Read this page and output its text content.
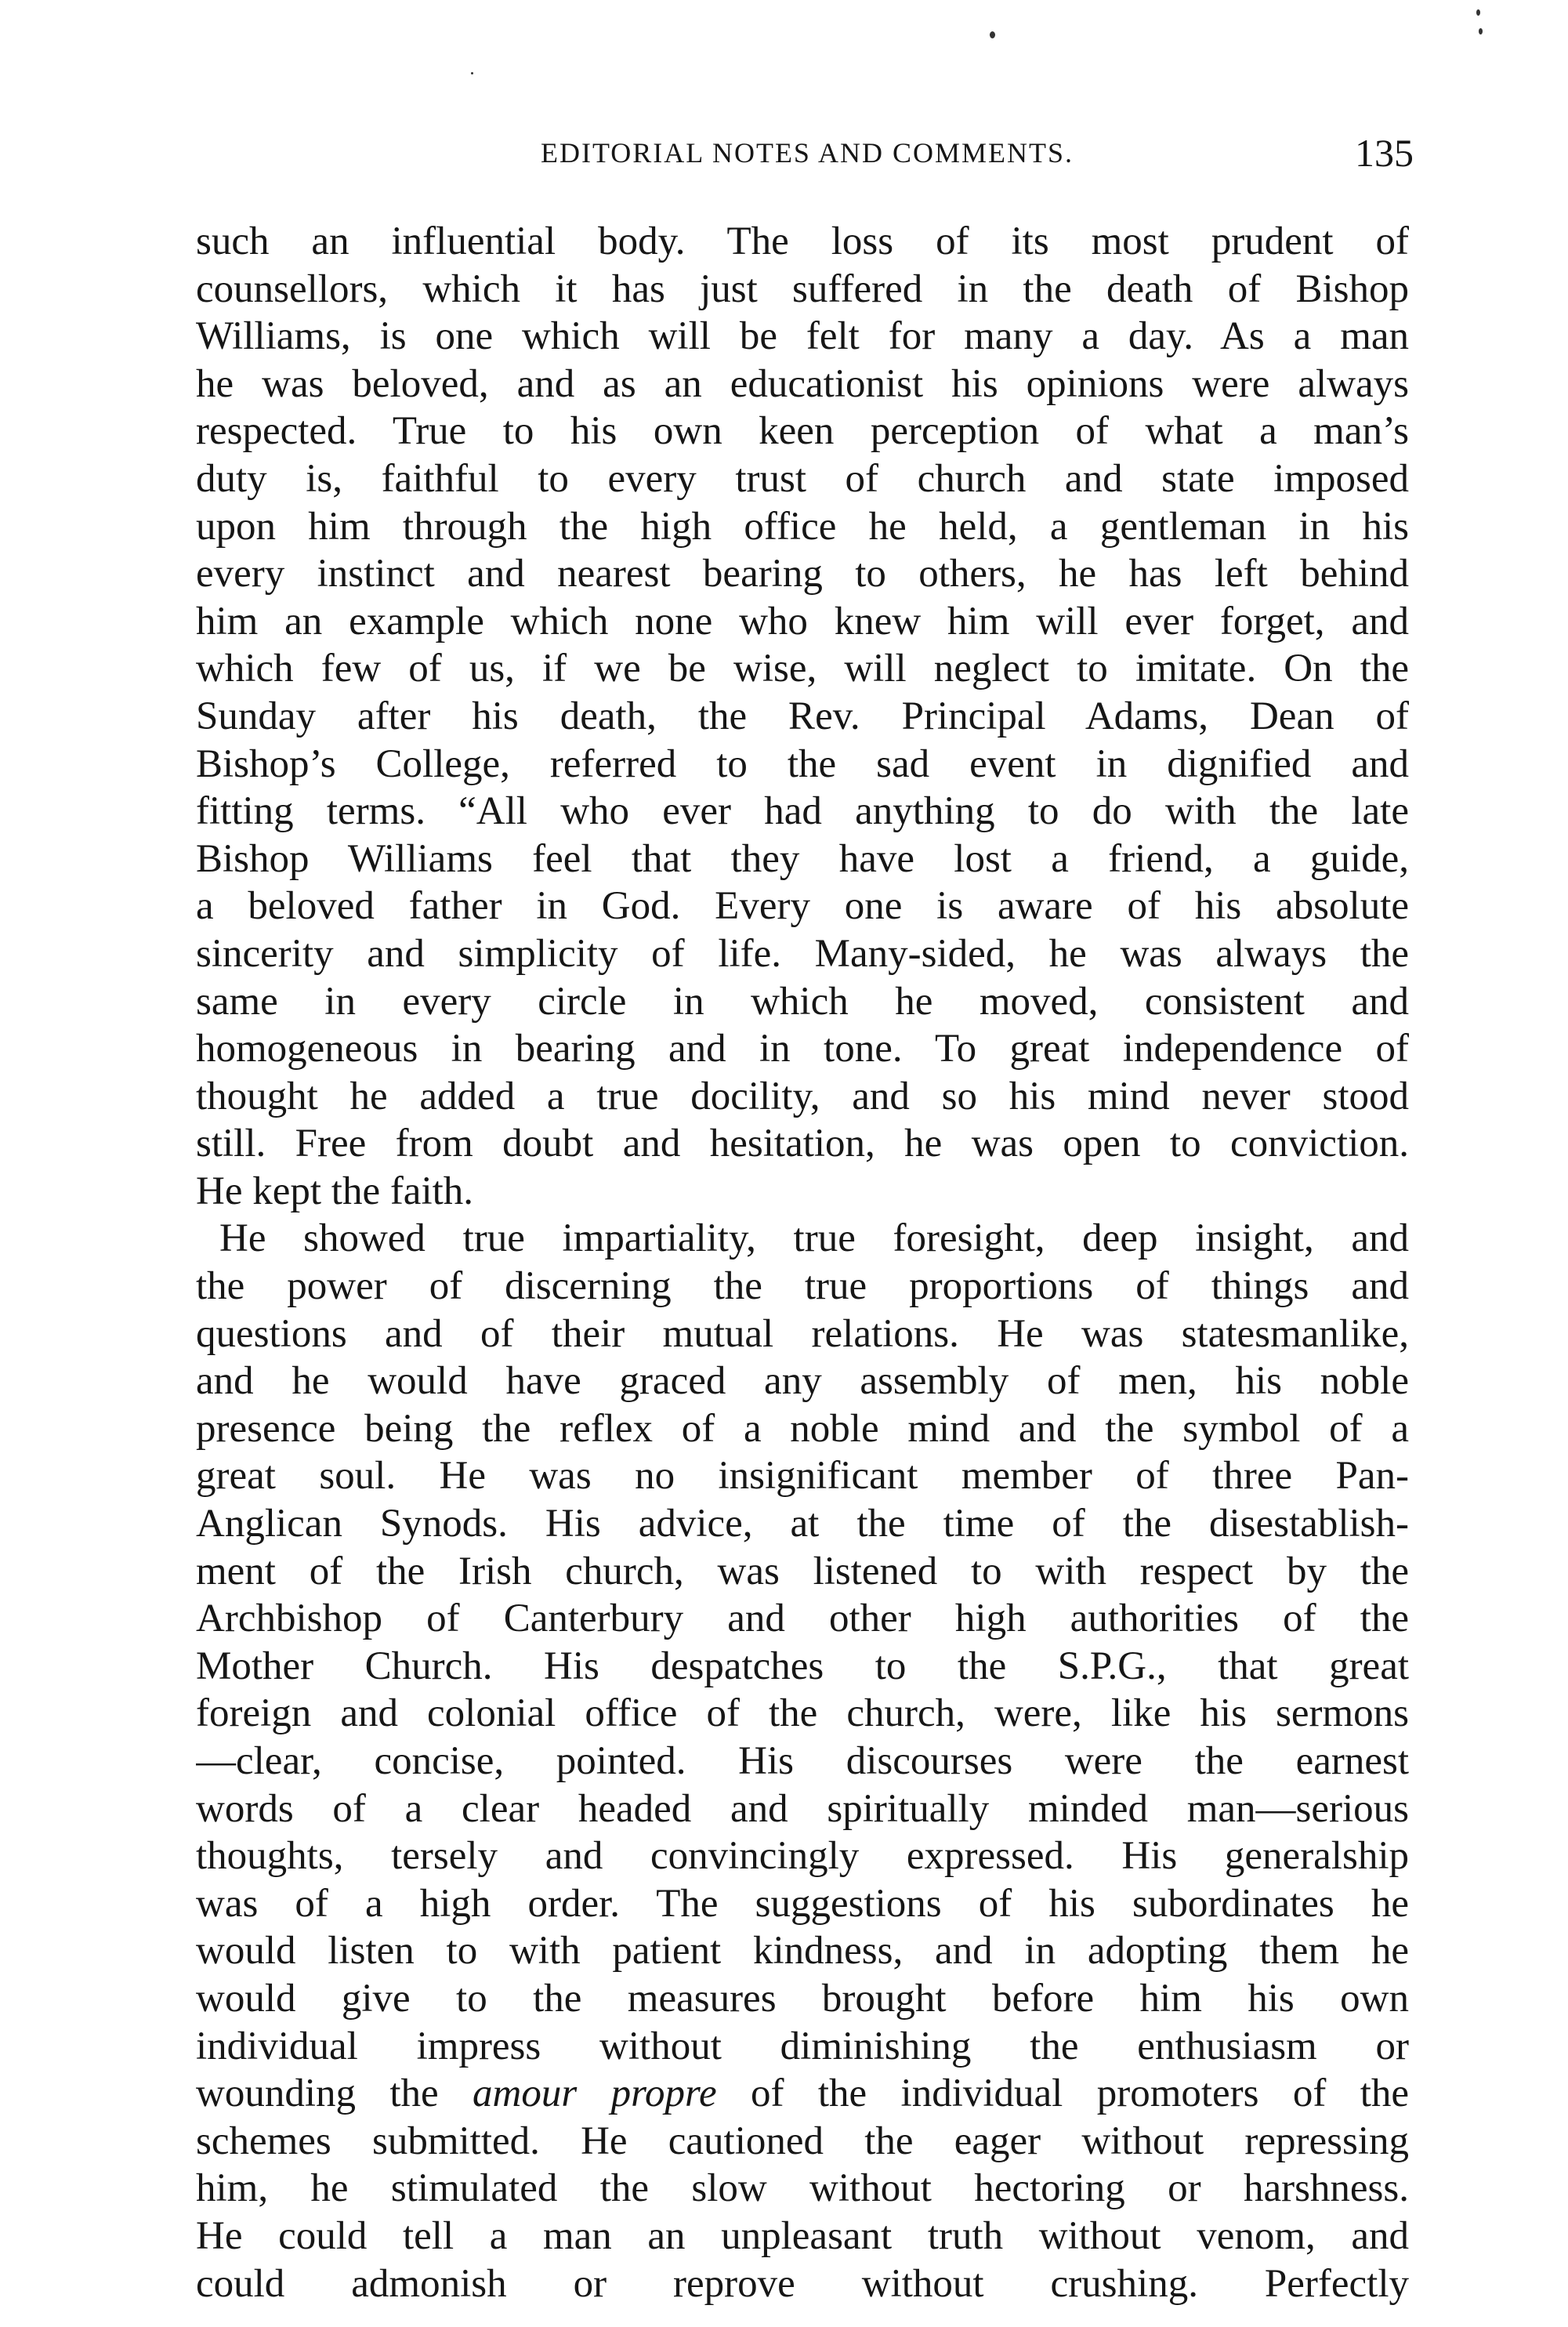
EDITORIAL NOTES AND COMMENTS.	135
such an influential body. The loss of its most prudent of
counsellors, which it has just suffered in the death of Bishop
Williams, is one which will be felt for many a day. As a man
he was beloved, and as an educationist his opinions were always
respected. True to his own keen perception of what a man’s
duty is, faithful to every trust of church and state imposed
upon him through the high office he held, a gentleman in his
every instinct and nearest bearing to others, he has left behind
him an example which none who knew him will ever forget, and
which few of us, if we be wise, will neglect to imitate. On the
Sunday after his death, the Rev. Principal Adams, Dean of
Bishop’s College, referred to the sad event in dignified and
fitting terms. “All who ever had anything to do with the late
Bishop Williams feel that they have lost a friend, a guide,
a beloved father in God. Every one is aware of his absolute
sincerity and simplicity of life. Many-sided, he was always the
same in every circle in which he moved, consistent and
homogeneous in bearing and in tone. To great independence of
thought he added a true docility, and so his mind never stood
still. Free from doubt and hesitation, he was open to conviction.
He kept the faith.
He showed true impartiality, true foresight, deep insight, and
the power of discerning the true proportions of things and
questions and of their mutual relations. He was statesmanlike,
and he would have graced any assembly of men, his noble
presence being the reflex of a noble mind and the symbol of a
great soul. He was no insignificant member of three Pan-
Anglican Synods. His advice, at the time of the disestablish-
ment of the Irish church, was listened to with respect by the
Archbishop of Canterbury and other high authorities of the
Mother Church. His despatches to the S.P.G., that great
foreign and colonial office of the church, were, like his sermons
—clear, concise, pointed. His discourses were the earnest
words of a clear headed and spiritually minded man—serious
thoughts, tersely and convincingly expressed. His generalship
was of a high order. The suggestions of his subordinates he
would listen to with patient kindness, and in adopting them he
would give to the measures brought before him his own
individual impress without diminishing the enthusiasm or
wounding the amour propre of the individual promoters of the
schemes submitted. He cautioned the eager without repressing
him, he stimulated the slow without hectoring or harshness.
He could tell a man an unpleasant truth without venom, and
could admonish or reprove without crushing. Perfectly
